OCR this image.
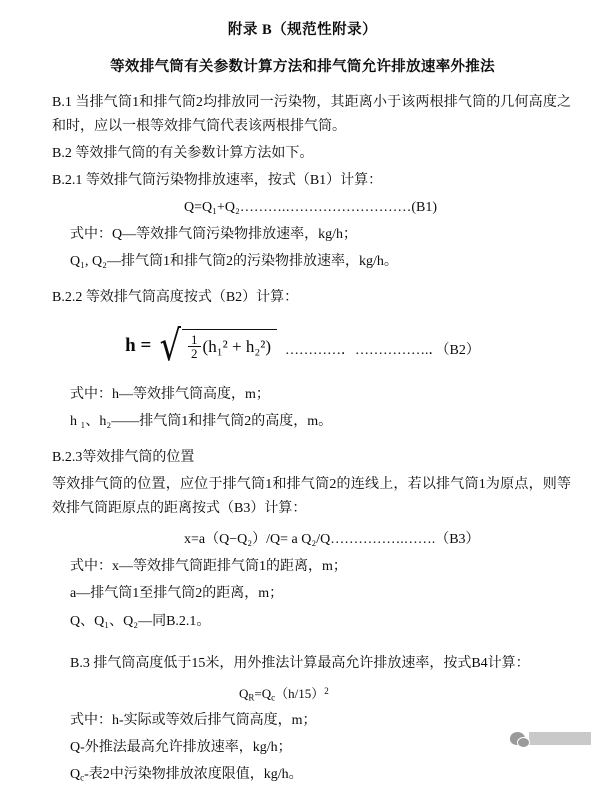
附录 B（规范性附录）
等效排气筒有关参数计算方法和排气筒允许排放速率外推法

B.1 当排气筒1和排气筒2均排放同一污染物，其距离小于该两根排气筒的几何高度之和时，应以一根等效排气筒代表该两根排气筒。

B.2 等效排气筒的有关参数计算方法如下。

B.2.1 等效排气筒污染物排放速率，按式（B1）计算：

Q=Q₁+Q₂……….………………………(B1)

式中：Q—等效排气筒污染物排放速率，kg/h；

Q₁, Q₂—排气筒1和排气筒2的污染物排放速率，kg/h。

B.2.2 等效排气筒高度按式（B2）计算：

h = √ $\frac{1}{2} (h_1^2 + h_2^2)$ …………．…………….．（B2）

式中：h—等效排气筒高度，m；

h ₁、h₂——排气筒1和排气筒2的高度，m。

B.2.3等效排气筒的位置

等效排气筒的位置，应位于排气筒1和排气筒2的连线上，若以排气筒1为原点，则等效排气筒距原点的距离按式（B3）计算：

x=a（Q−Q₂）/Q= a Q₂/Q…………….…….（B3）

式中：x—等效排气筒距排气筒1的距离，m；

a—排气筒1至排气筒2的距离，m；

Q、Q₁、Q₂—同B.2.1。

B.3 排气筒高度低于15米，用外推法计算最高允许排放速率，按式B4计算：

$Q_R=Q_c(h/15)^2$

式中：h-实际或等效后排气筒高度，m；

Q-外推法最高允许排放速率，kg/h；

$Q_c-$表2中污染物排放浓度限值，kg/h。
